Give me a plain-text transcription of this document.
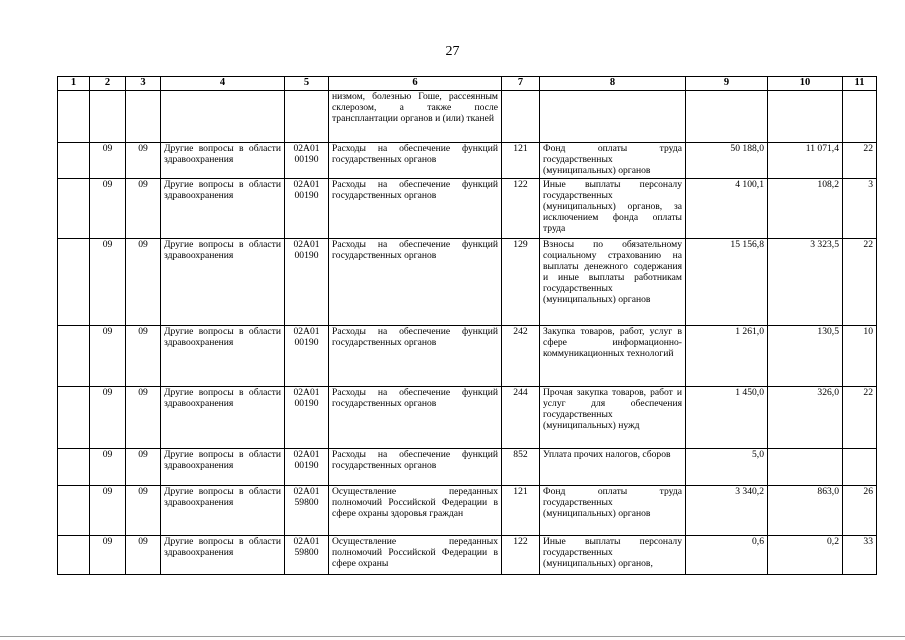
27
1	2	3	4	5	6	7	8	9	10	11
					низмом, болезнью Гоше, рассеянным склерозом, а также после трансплантации органов и (или) тканей					
	09	09	Другие вопросы в области здравоохранения	02А01 00190	Расходы на обеспечение функций государственных органов	121	Фонд оплаты труда государственных (муниципальных) органов	50 188,0	11 071,4	22
	09	09	Другие вопросы в области здравоохранения	02А01 00190	Расходы на обеспечение функций государственных органов	122	Иные выплаты персоналу государственных (муниципальных) органов, за исключением фонда оплаты труда	4 100,1	108,2	3
	09	09	Другие вопросы в области здравоохранения	02А01 00190	Расходы на обеспечение функций государственных органов	129	Взносы по обязательному социальному страхованию на выплаты денежного содержания и иные выплаты работникам государственных (муниципальных) органов	15 156,8	3 323,5	22
	09	09	Другие вопросы в области здравоохранения	02А01 00190	Расходы на обеспечение функций государственных органов	242	Закупка товаров, работ, услуг в сфере информационно-коммуникационных технологий	1 261,0	130,5	10
	09	09	Другие вопросы в области здравоохранения	02А01 00190	Расходы на обеспечение функций государственных органов	244	Прочая закупка товаров, работ и услуг для обеспечения государственных (муниципальных) нужд	1 450,0	326,0	22
	09	09	Другие вопросы в области здравоохранения	02А01 00190	Расходы на обеспечение функций государственных органов	852	Уплата прочих налогов, сборов	5,0		
	09	09	Другие вопросы в области здравоохранения	02А01 59800	Осуществление переданных полномочий Российской Федерации в сфере охраны здоровья граждан	121	Фонд оплаты труда государственных (муниципальных) органов	3 340,2	863,0	26
	09	09	Другие вопросы в области здравоохранения	02А01 59800	Осуществление переданных полномочий Российской Федерации в сфере охраны	122	Иные выплаты персоналу государственных (муниципальных) органов,	0,6	0,2	33
